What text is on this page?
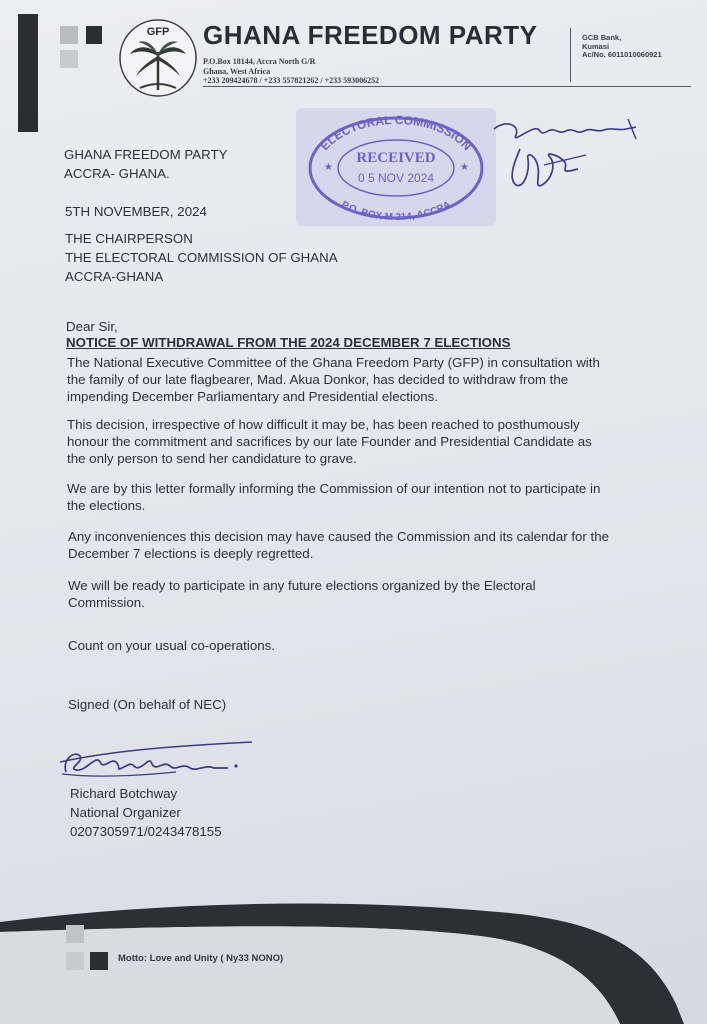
GFP GHANA FREEDOM PARTY
P.O.Box 18144, Accra North G/R
Ghana, West Africa
+233 209424678 / +233 557821262 / +233 593006252
GCB Bank,
Kumasi
Ac/No. 6011010060921
ELECTORAL COMMISSION
P.O. BOX M 214, ACCRA
RECEIVED
0 5 NOV 2024
★	★
GHANA FREEDOM PARTY
ACCRA- GHANA.
5TH NOVEMBER, 2024
THE CHAIRPERSON
THE ELECTORAL COMMISSION OF GHANA
ACCRA-GHANA
Dear Sir,
NOTICE OF WITHDRAWAL FROM THE 2024 DECEMBER 7 ELECTIONS
The National Executive Committee of the Ghana Freedom Party (GFP) in consultation with
the family of our late flagbearer, Mad. Akua Donkor, has decided to withdraw from the
impending December Parliamentary and Presidential elections.
This decision, irrespective of how difficult it may be, has been reached to posthumously
honour the commitment and sacrifices by our late Founder and Presidential Candidate as
the only person to send her candidature to grave.
We are by this letter formally informing the Commission of our intention not to participate in
the elections.
Any inconveniences this decision may have caused the Commission and its calendar for the
December 7 elections is deeply regretted.
We will be ready to participate in any future elections organized by the Electoral
Commission.
Count on your usual co-operations.
Signed (On behalf of NEC)
Richard Botchway
National Organizer
0207305971/0243478155
Motto: Love and Unity ( Ny33 NONO)
